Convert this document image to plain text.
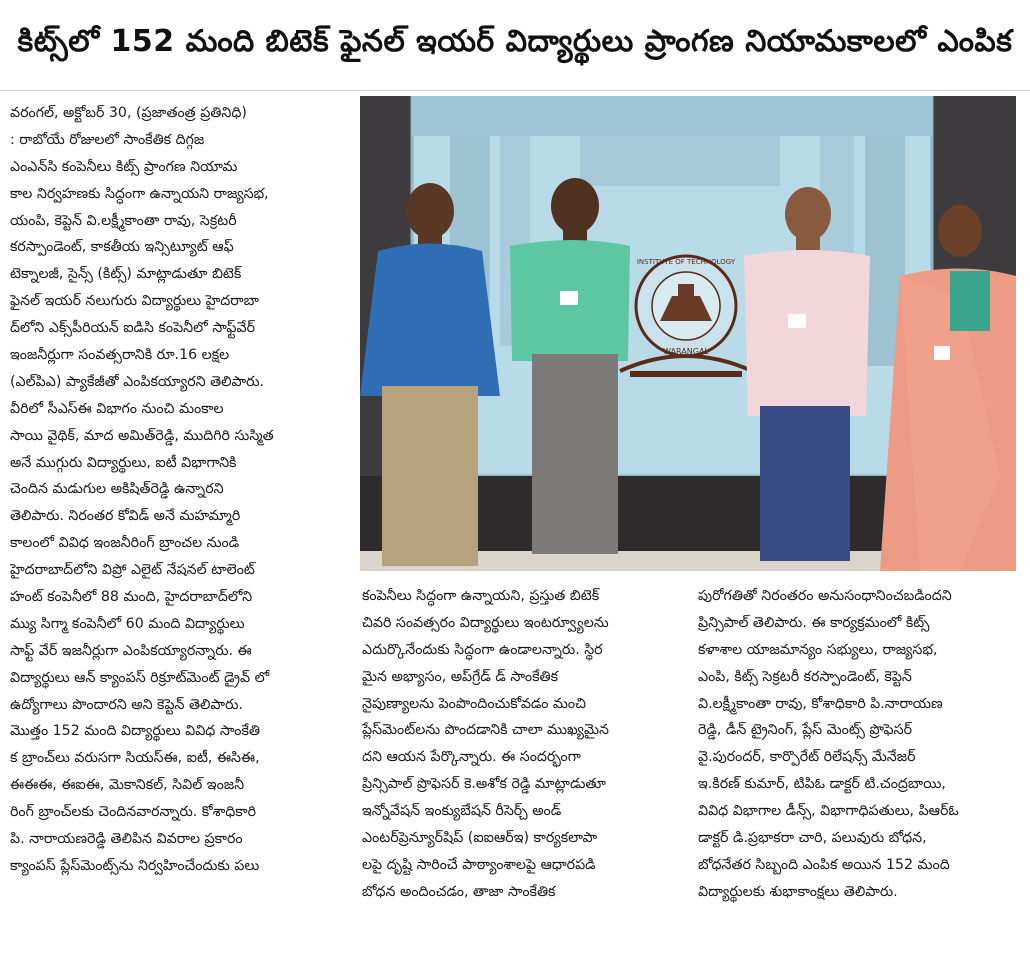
కిట్స్‌లో 152 మంది బిటెక్ ఫైనల్ ఇయర్ విద్యార్థులు ప్రాంగణ నియామకాలలో ఎంపిక
వరంగల్, అక్టోబర్ 30, (ప్రజాతంత్ర ప్రతినిధి)
: రాబోయే రోజులలో సాంకేతిక దిగ్గజ
ఎంఎన్‌సి కంపెనీలు కిట్స్ ప్రాంగణ నియామ
కాల నిర్వహణకు సిద్ధంగా ఉన్నాయని రాజ్యసభ,
యంపి, కెప్టెన్ వి.లక్ష్మీకాంతా రావు, సెక్రటరీ
కరస్పాండెంట్, కాకతీయ ఇన్సిట్యూట్ ఆఫ్
టెక్నాలజీ, సైన్స్ (కిట్స్) మాట్లాడుతూ బిటెక్
ఫైనల్ ఇయర్ నలుగురు విద్యార్థులు హైదరాబా
ద్‌లోని ఎక్స్‌పీరియన్ ఐడిసి కంపెనీలో సాఫ్ట్‌వేర్
ఇంజనీర్లుగా సంవత్సరానికి రూ.16 లక్షల
(ఎల్‌పిఎ) ప్యాకేజీతో ఎంపికయ్యారని తెలిపారు.
వీరిలో సీఎస్‌ఈ విభాగం నుంచి మంకాల
సాయి వైథిక్, మాద అమిత్‌రెడ్డి, ముదిగిరి సుస్మిత
అనే ముగ్గురు విద్యార్థులు, ఐటీ విభాగానికి
చెందిన మడుగుల అకిషిత్‌రెడ్డి ఉన్నారని
తెలిపారు. నిరంతర కోవిడ్ అనే మహమ్మారి
కాలంలో వివిధ ఇంజనీరింగ్ బ్రాంచల నుండి
హైదరాబాద్‌లోని విప్రో ఎలైట్ నేషనల్ టాలెంట్
హంట్ కంపెనీలో 88 మంది, హైదరాబాద్‌లోని
మ్యు సిగ్మా కంపెనీలో 60 మంది విద్యార్థులు
సాఫ్ట్ వేర్ ఇజనీర్లుగా ఎంపికయ్యారన్నారు. ఈ
విద్యార్థులు ఆన్ క్యాంపస్ రిక్రూట్‌మెంట్ డ్రైవ్ లో
ఉద్యోగాలు పొందారని అని కెప్టెన్ తెలిపారు.
మొత్తం 152 మంది విద్యార్థులు వివిధ సాంకేతి
క బ్రాంచ్‌లు వరుసగా సియస్ఈ, ఐటీ, ఈసిఈ,
ఈఈఈ, ఈఐఈ, మెకానికల్, సివిల్ ఇంజనీ
రింగ్ బ్రాంచ్‌లకు చెందినవారన్నారు. కోశాధికారి
పి. నారాయణరెడ్డి తెలిపిన వివరాల ప్రకారం
క్యాంపస్ ప్లేస్‌మెంట్స్‌ను నిర్వహించేందుకు పలు
INSTITUTE OF TECHNOLOGY
WARANGAL
కంపెనీలు సిద్ధంగా ఉన్నాయని, ప్రస్తుత బిటెక్
చివరి సంవత్సరం విద్యార్థులు ఇంటర్వ్యూలను
ఎదుర్కొనేందుకు సిద్ధంగా ఉండాలన్నారు. స్థిర
మైన అభ్యాసం, అప్‌గ్రేడ్ డ్ సాంకేతిక
నైపుణ్యాలను పెంపొందించుకోవడం మంచి
ప్లేస్‌మెంట్‌లను పొందడానికి చాలా ముఖ్యమైన
దని ఆయన పేర్కొన్నారు. ఈ సందర్భంగా
ప్రిన్సిపాల్ ప్రొఫెసర్ కె.అశోక రెడ్డి మాట్లాడుతూ
ఇన్నోవేషన్ ఇంక్యుబేషన్ రీసెర్చ్ అండ్
ఎంటర్‌ప్రెన్యూర్‌షిప్ (ఐఐఆర్ఇ) కార్యకలాపా
లపై దృష్టి సారించే పాఠ్యాంశాలపై ఆధారపడి
బోధన అందించడం, తాజా సాంకేతిక
పురోగతితో నిరంతరం అనుసంధానించబడిందని
ప్రిన్సిపాల్ తెలిపారు. ఈ కార్యక్రమంలో కిట్స్
కళాశాల యాజమాన్యం సభ్యులు, రాజ్యసభ,
ఎంపి, కిట్స్ సెక్రటరీ కరస్పాండెంట్, కెప్టెన్
వి.లక్ష్మీకాంతా రావు, కోశాధికారి పి.నారాయణ
రెడ్డి, డీన్ ట్రైనింగ్, ప్లేస్ మెంట్స్ ప్రొఫెసర్
వై.పురందర్, కార్పొరేట్ రిలేషన్స్ మేనేజర్
ఇ.కిరణ్ కుమార్, టిపిఓ డాక్టర్ టి.చంద్రబాయి,
వివిధ విభాగాల డీన్స్, విభాగాధిపతులు, పిఆర్ఓ
డాక్టర్ డి.ప్రభాకరా చారి, పలువురు బోధన,
బోధనేతర సిబ్బంది ఎంపిక అయిన 152 మంది
విద్యార్థులకు శుభాకాంక్షలు తెలిపారు.
